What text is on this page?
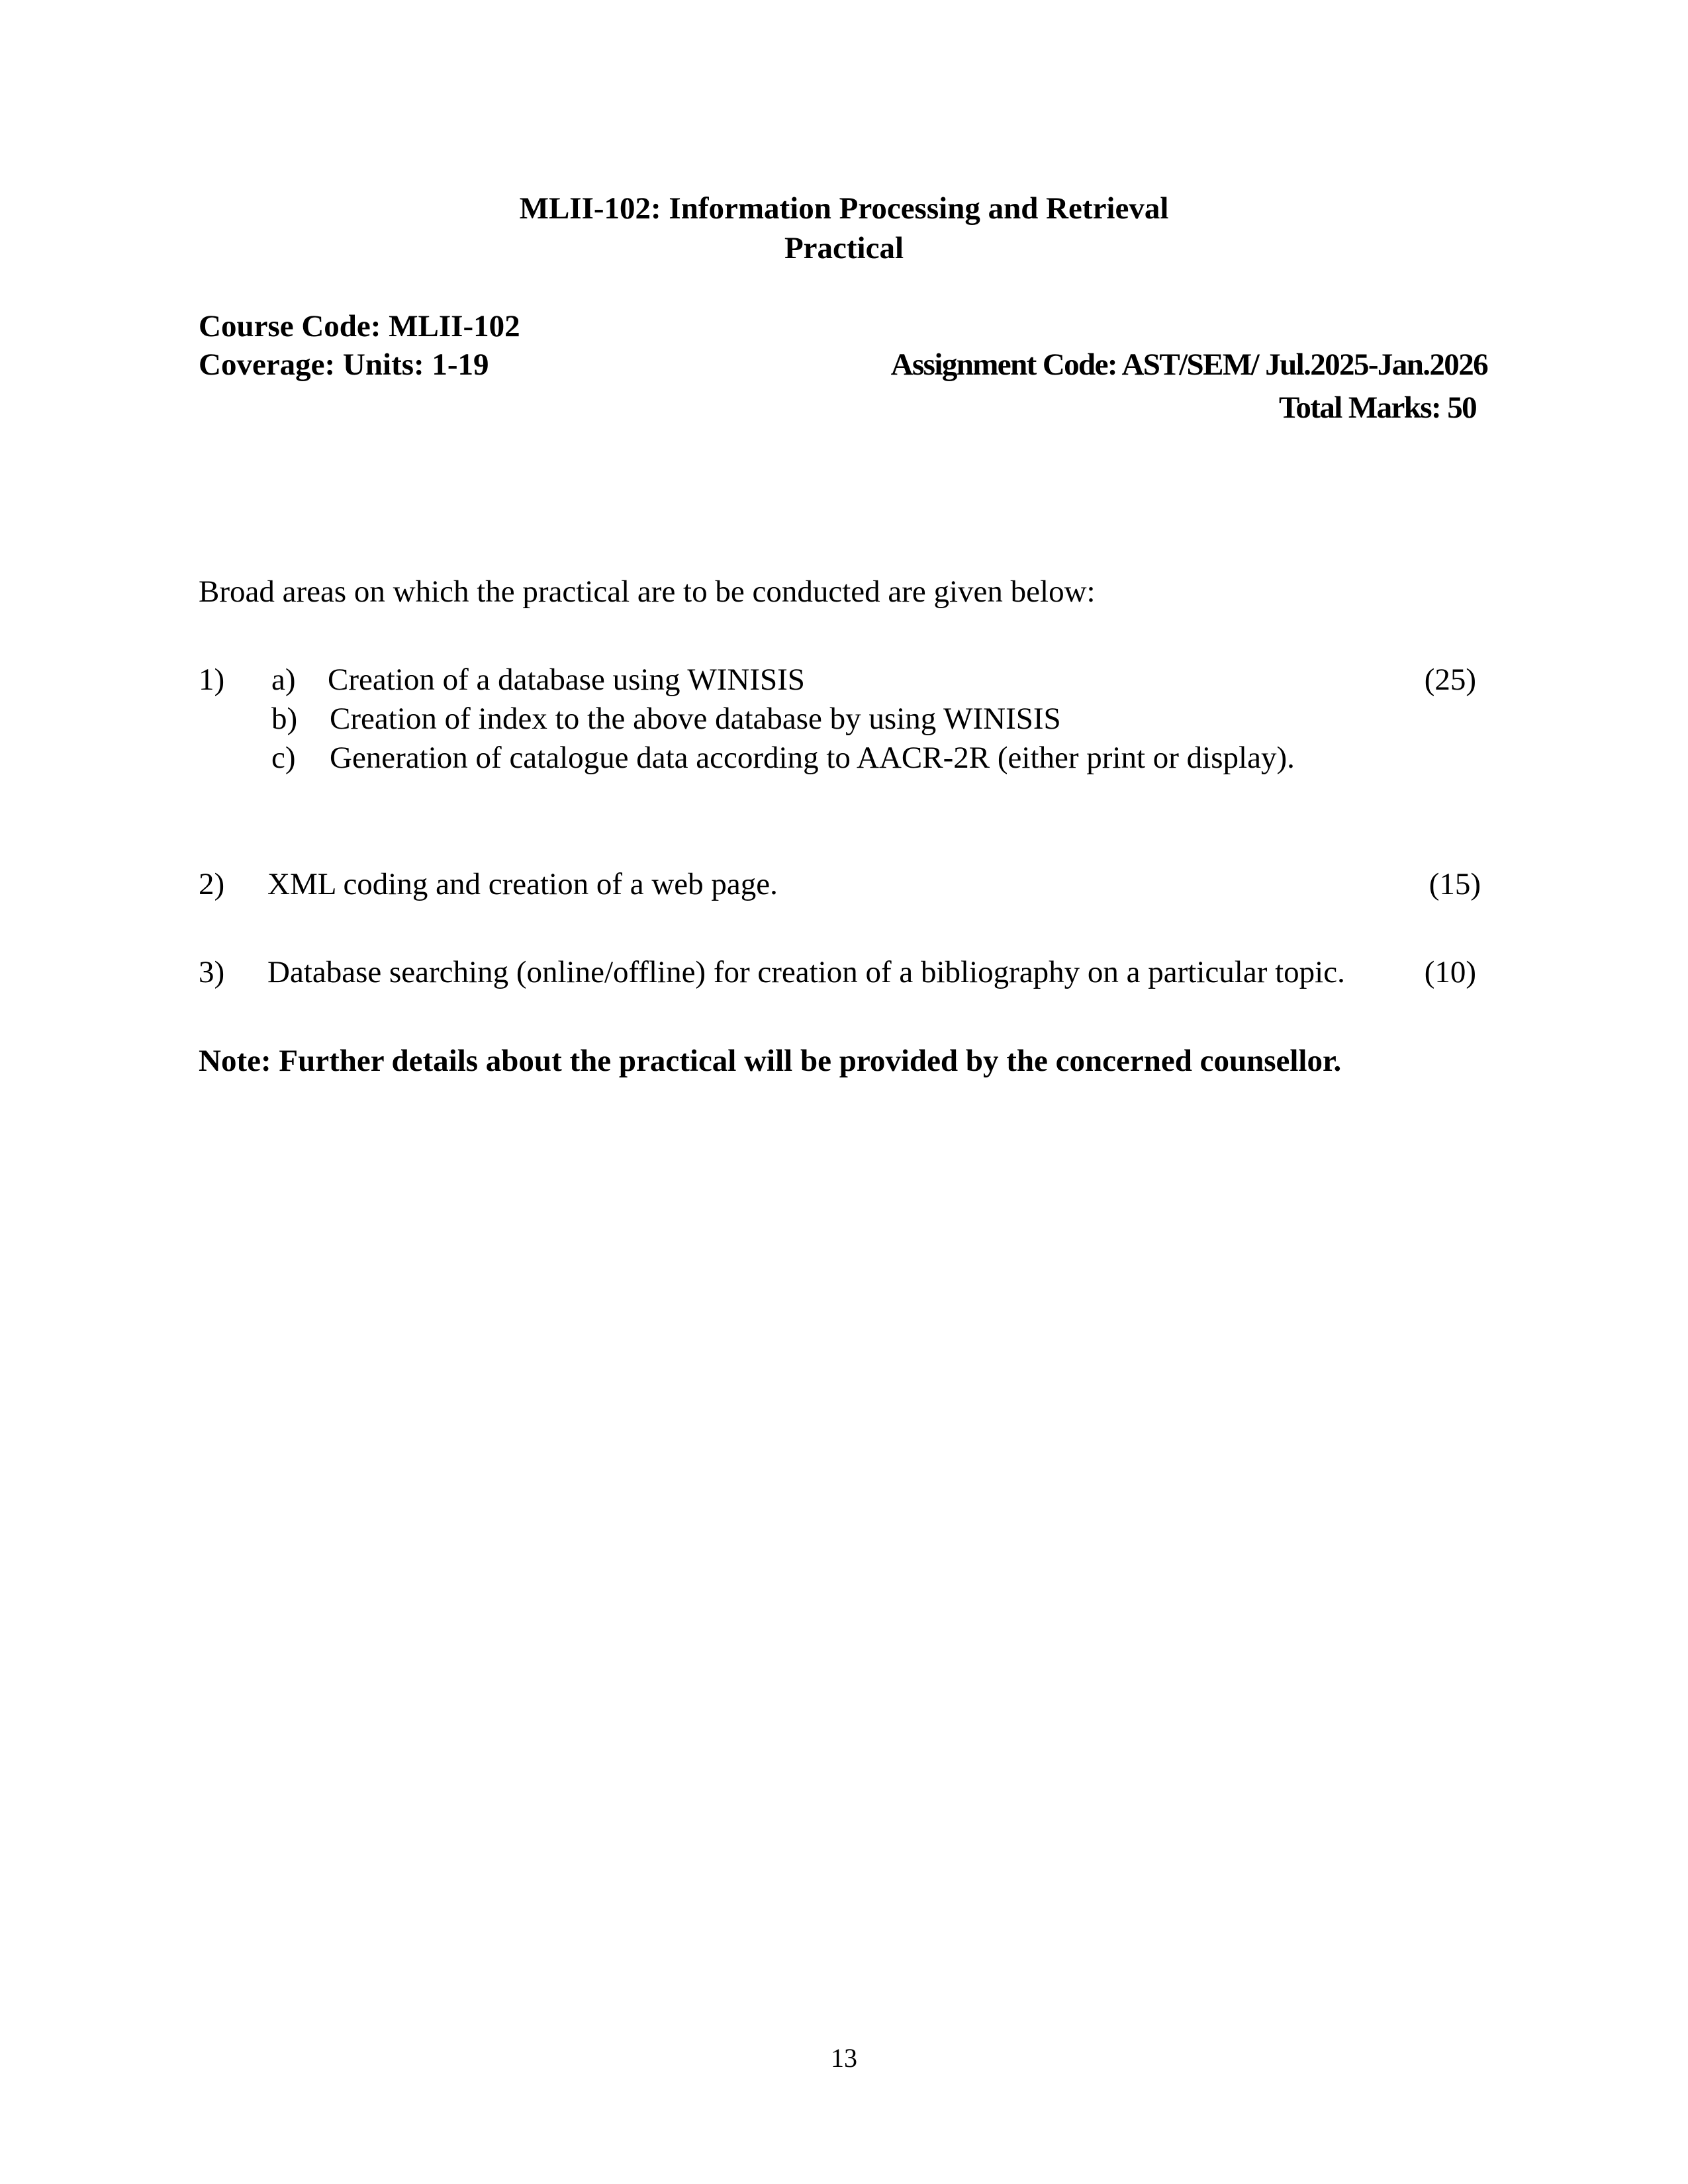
MLII-102: Information Processing and Retrieval
Practical
Course Code: MLII-102
Coverage: Units: 1-19	Assignment Code: AST/SEM/ Jul.2025-Jan.2026
Total Marks: 50
Broad areas on which the practical are to be conducted are given below:
1) a) Creation of a database using WINISIS	(25)
b) Creation of index to the above database by using WINISIS
c) Generation of catalogue data according to AACR-2R (either print or display).
2) XML coding and creation of a web page.	(15)
3) Database searching (online/offline) for creation of a bibliography on a particular topic.	(10)
Note: Further details about the practical will be provided by the concerned counsellor.
13
